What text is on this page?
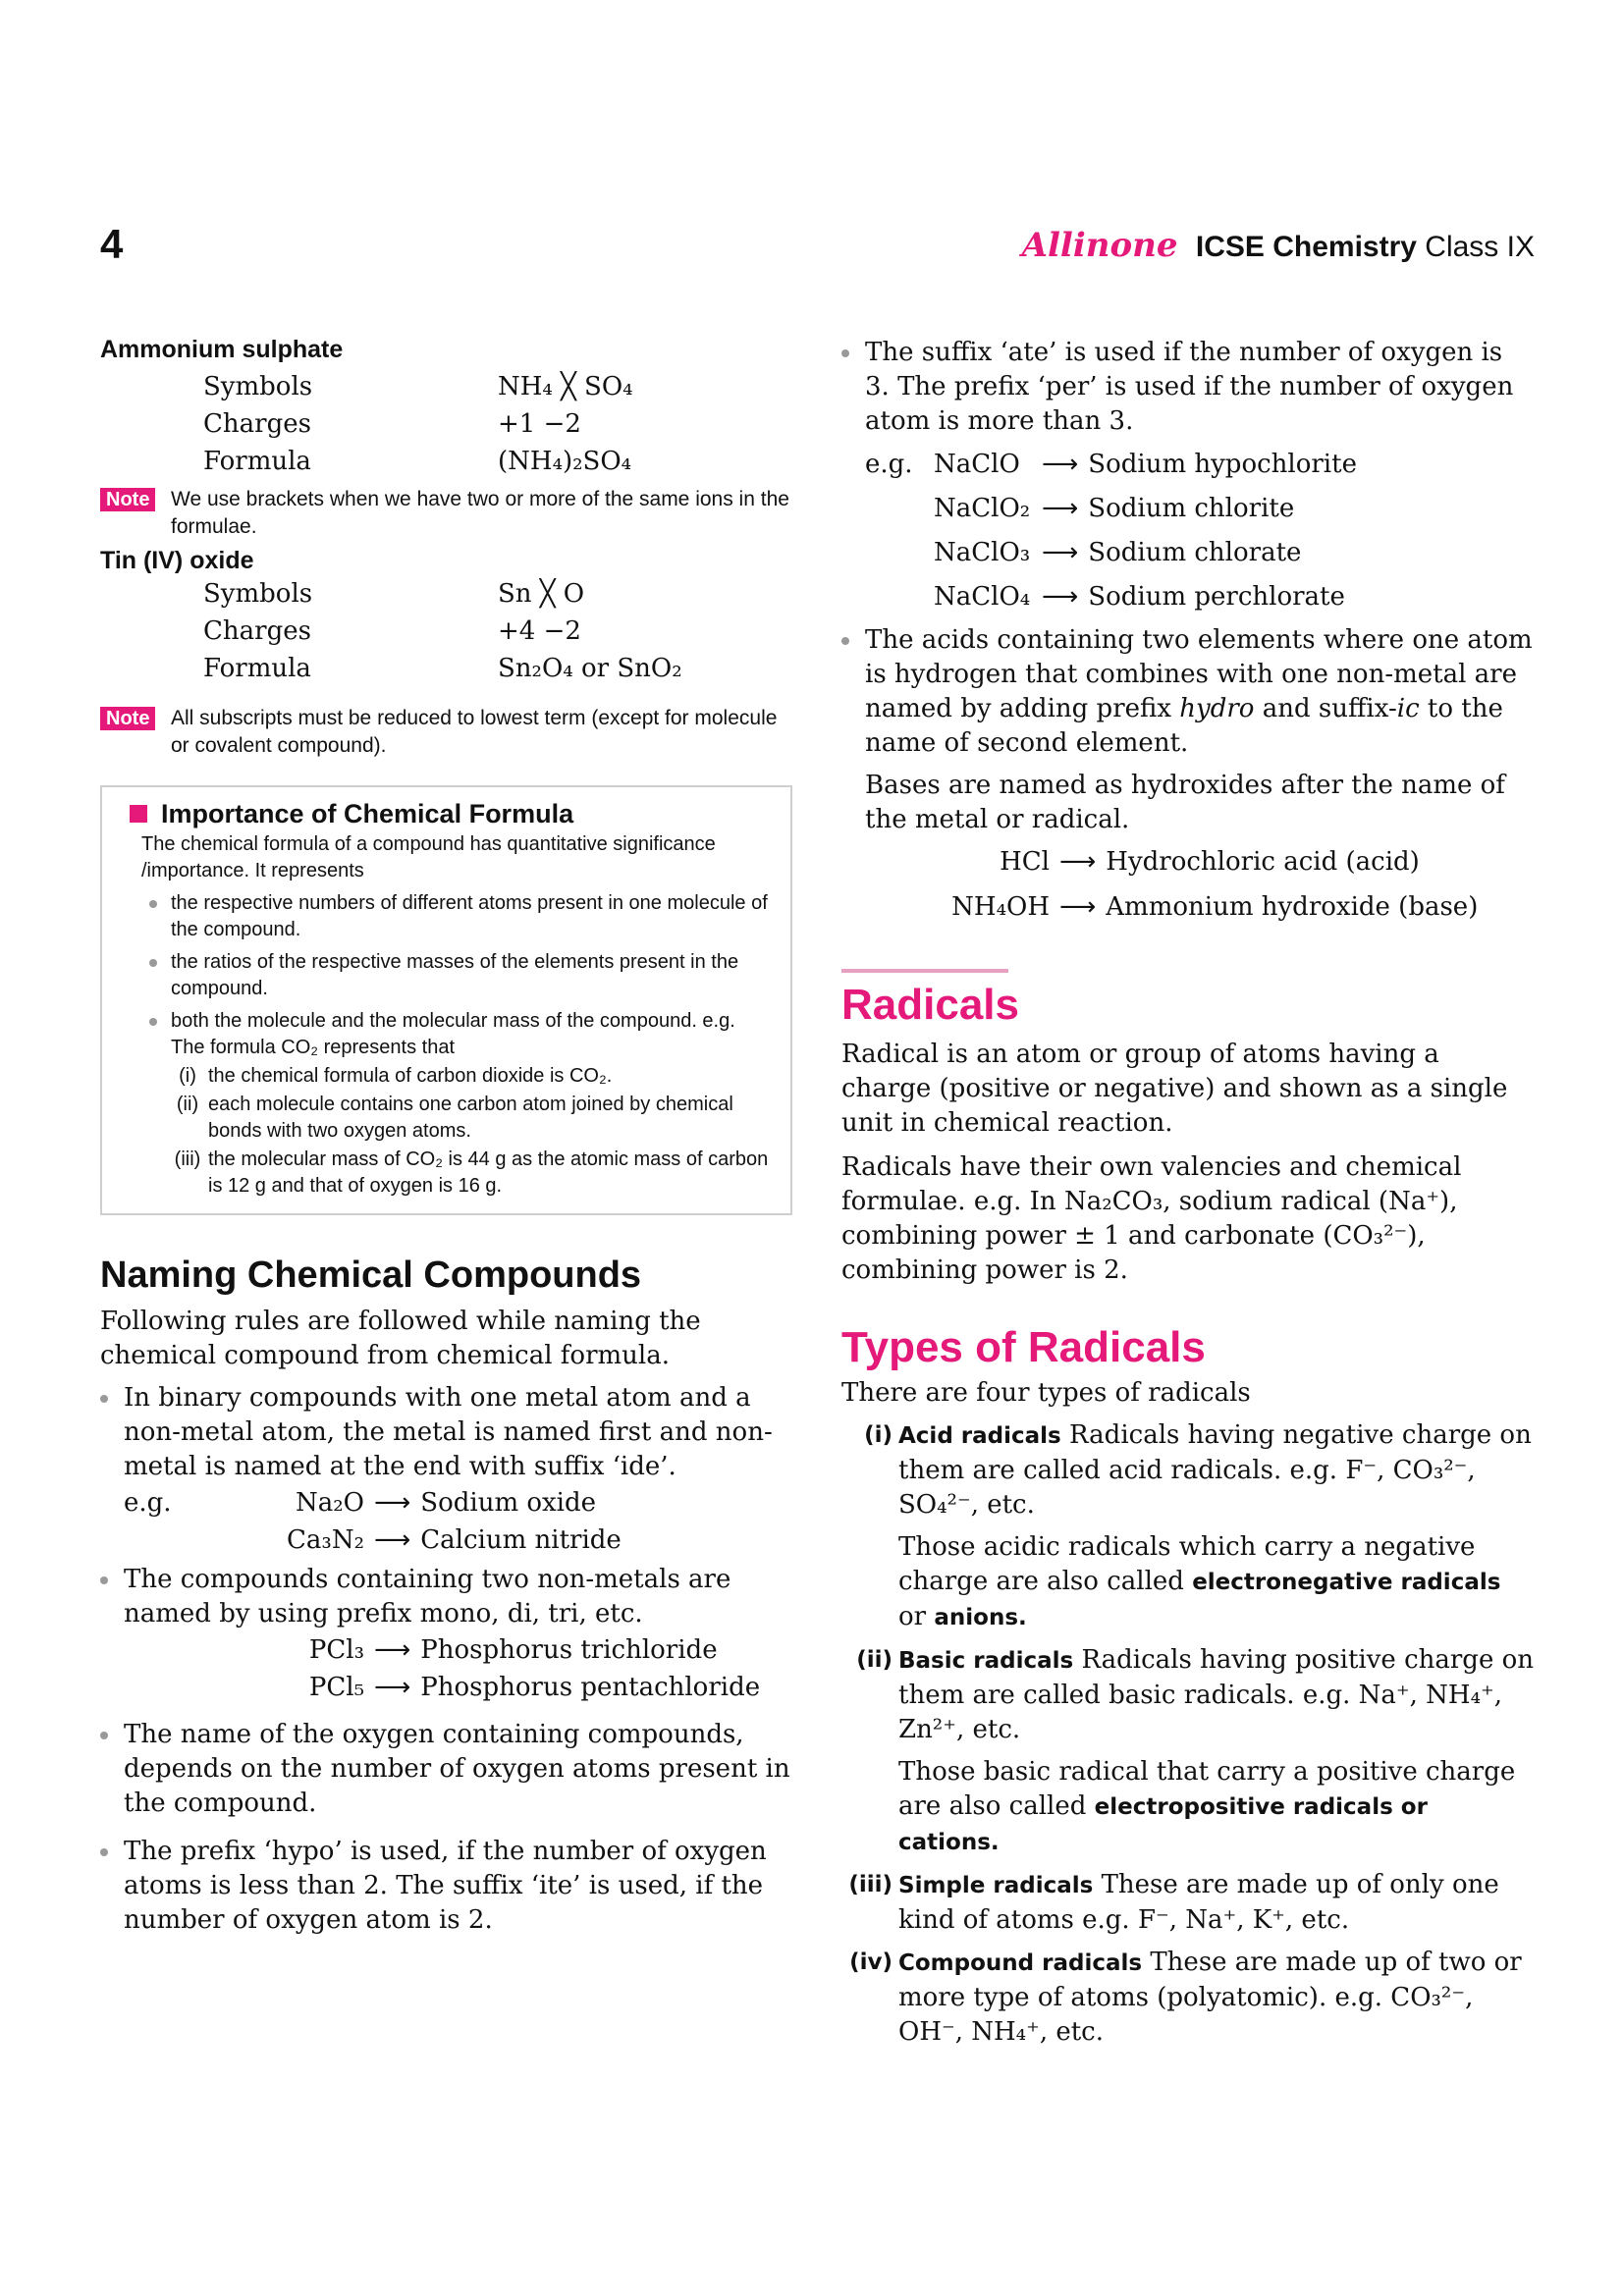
4	Allinone ICSE Chemistry Class IX
Ammonium sulphate
Symbols	NH₄ ╳ SO₄
Charges	+1 −2
Formula	(NH₄)₂SO₄
Note We use brackets when we have two or more of the same ions in the formulae.
Tin (IV) oxide
Symbols	Sn ╳ O
Charges	+4 −2
Formula	Sn₂O₄ or SnO₂
Note All subscripts must be reduced to lowest term (except for molecule or covalent compound).
Importance of Chemical Formula
The chemical formula of a compound has quantitative significance /importance. It represents
the respective numbers of different atoms present in one molecule of the compound.
the ratios of the respective masses of the elements present in the compound.
both the molecule and the molecular mass of the compound. e.g. The formula CO₂ represents that
(i) the chemical formula of carbon dioxide is CO₂.
(ii) each molecule contains one carbon atom joined by chemical bonds with two oxygen atoms.
(iii) the molecular mass of CO₂ is 44 g as the atomic mass of carbon is 12 g and that of oxygen is 16 g.
Naming Chemical Compounds
Following rules are followed while naming the chemical compound from chemical formula.
In binary compounds with one metal atom and a non-metal atom, the metal is named first and non-metal is named at the end with suffix ‘ide’.
e.g.	Na₂O ⟶ Sodium oxide
Ca₃N₂ ⟶ Calcium nitride
The compounds containing two non-metals are named by using prefix mono, di, tri, etc.
PCl₃ ⟶ Phosphorus trichloride
PCl₅ ⟶ Phosphorus pentachloride
The name of the oxygen containing compounds, depends on the number of oxygen atoms present in the compound.
The prefix ‘hypo’ is used, if the number of oxygen atoms is less than 2. The suffix ‘ite’ is used, if the number of oxygen atom is 2.
The suffix ‘ate’ is used if the number of oxygen is 3. The prefix ‘per’ is used if the number of oxygen atom is more than 3.
e.g. NaClO ⟶ Sodium hypochlorite
NaClO₂ ⟶ Sodium chlorite
NaClO₃ ⟶ Sodium chlorate
NaClO₄ ⟶ Sodium perchlorate
The acids containing two elements where one atom is hydrogen that combines with one non-metal are named by adding prefix hydro and suffix-ic to the name of second element.
Bases are named as hydroxides after the name of the metal or radical.
HCl ⟶ Hydrochloric acid (acid)
NH₄OH ⟶ Ammonium hydroxide (base)
Radicals
Radical is an atom or group of atoms having a charge (positive or negative) and shown as a single unit in chemical reaction.
Radicals have their own valencies and chemical formulae. e.g. In Na₂CO₃, sodium radical (Na⁺), combining power ± 1 and carbonate (CO₃²⁻), combining power is 2.
Types of Radicals
There are four types of radicals
(i) Acid radicals Radicals having negative charge on them are called acid radicals. e.g. F⁻, CO₃²⁻, SO₄²⁻, etc.
Those acidic radicals which carry a negative charge are also called electronegative radicals or anions.
(ii) Basic radicals Radicals having positive charge on them are called basic radicals. e.g. Na⁺, NH₄⁺, Zn²⁺, etc.
Those basic radical that carry a positive charge are also called electropositive radicals or cations.
(iii) Simple radicals These are made up of only one kind of atoms e.g. F⁻, Na⁺, K⁺, etc.
(iv) Compound radicals These are made up of two or more type of atoms (polyatomic). e.g. CO₃²⁻, OH⁻, NH₄⁺, etc.
